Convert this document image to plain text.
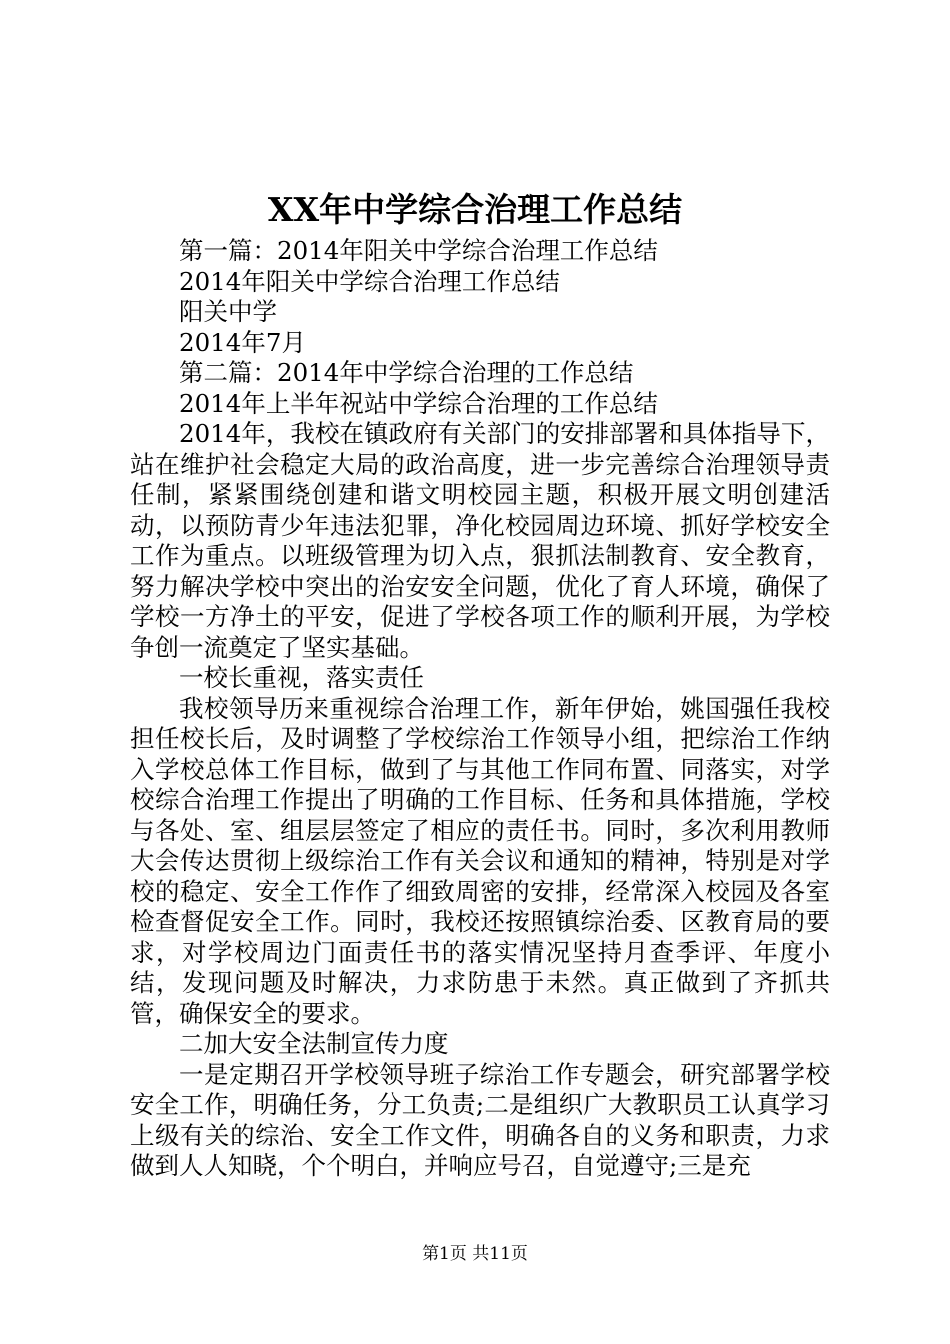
XX年中学综合治理工作总结

第一篇：2014年阳关中学综合治理工作总结

2014年阳关中学综合治理工作总结

阳关中学

2014年7月

第二篇：2014年中学综合治理的工作总结

2014年上半年祝站中学综合治理的工作总结

2014年，我校在镇政府有关部门的安排部署和具体指导下，站在维护社会稳定大局的政治高度，进一步完善综合治理领导责任制，紧紧围绕创建和谐文明校园主题，积极开展文明创建活动，以预防青少年违法犯罪，净化校园周边环境、抓好学校安全工作为重点。以班级管理为切入点，狠抓法制教育、安全教育，努力解决学校中突出的治安安全问题，优化了育人环境，确保了学校一方净土的平安，促进了学校各项工作的顺利开展，为学校争创一流奠定了坚实基础。

一校长重视，落实责任

我校领导历来重视综合治理工作，新年伊始，姚国强任我校担任校长后，及时调整了学校综治工作领导小组，把综治工作纳入学校总体工作目标，做到了与其他工作同布置、同落实，对学校综合治理工作提出了明确的工作目标、任务和具体措施，学校与各处、室、组层层签定了相应的责任书。同时，多次利用教师大会传达贯彻上级综治工作有关会议和通知的精神，特别是对学校的稳定、安全工作作了细致周密的安排，经常深入校园及各室检查督促安全工作。同时，我校还按照镇综治委、区教育局的要求，对学校周边门面责任书的落实情况坚持月查季评、年度小结，发现问题及时解决，力求防患于未然。真正做到了齐抓共管，确保安全的要求。

二加大安全法制宣传力度

一是定期召开学校领导班子综治工作专题会，研究部署学校安全工作，明确任务，分工负责;二是组织广大教职员工认真学习上级有关的综治、安全工作文件，明确各自的义务和职责，力求做到人人知晓，个个明白，并响应号召，自觉遵守;三是充

第1页 共11页
